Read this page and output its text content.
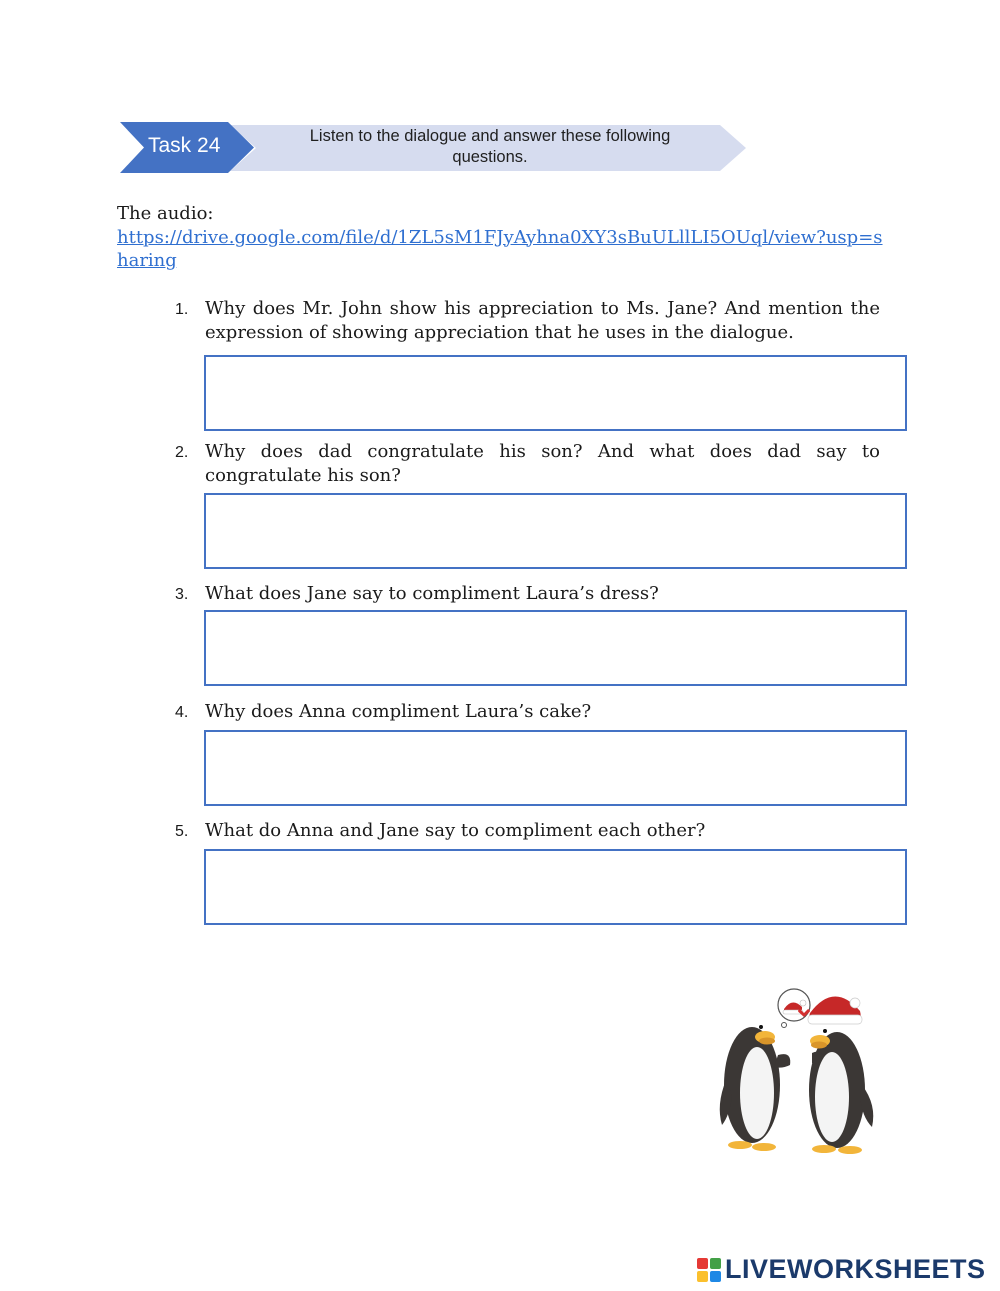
Task 24	Listen to the dialogue and answer these following questions.
The audio:
https://drive.google.com/file/d/1ZL5sM1FJyAyhna0XY3sBuULllLI5OUql/view?usp=sharing
1. Why does Mr. John show his appreciation to Ms. Jane? And mention the expression of showing appreciation that he uses in the dialogue.
2. Why does dad congratulate his son? And what does dad say to congratulate his son?
3. What does Jane say to compliment Laura’s dress?
4. Why does Anna compliment Laura’s cake?
5. What do Anna and Jane say to compliment each other?
LIVEWORKSHEETS
